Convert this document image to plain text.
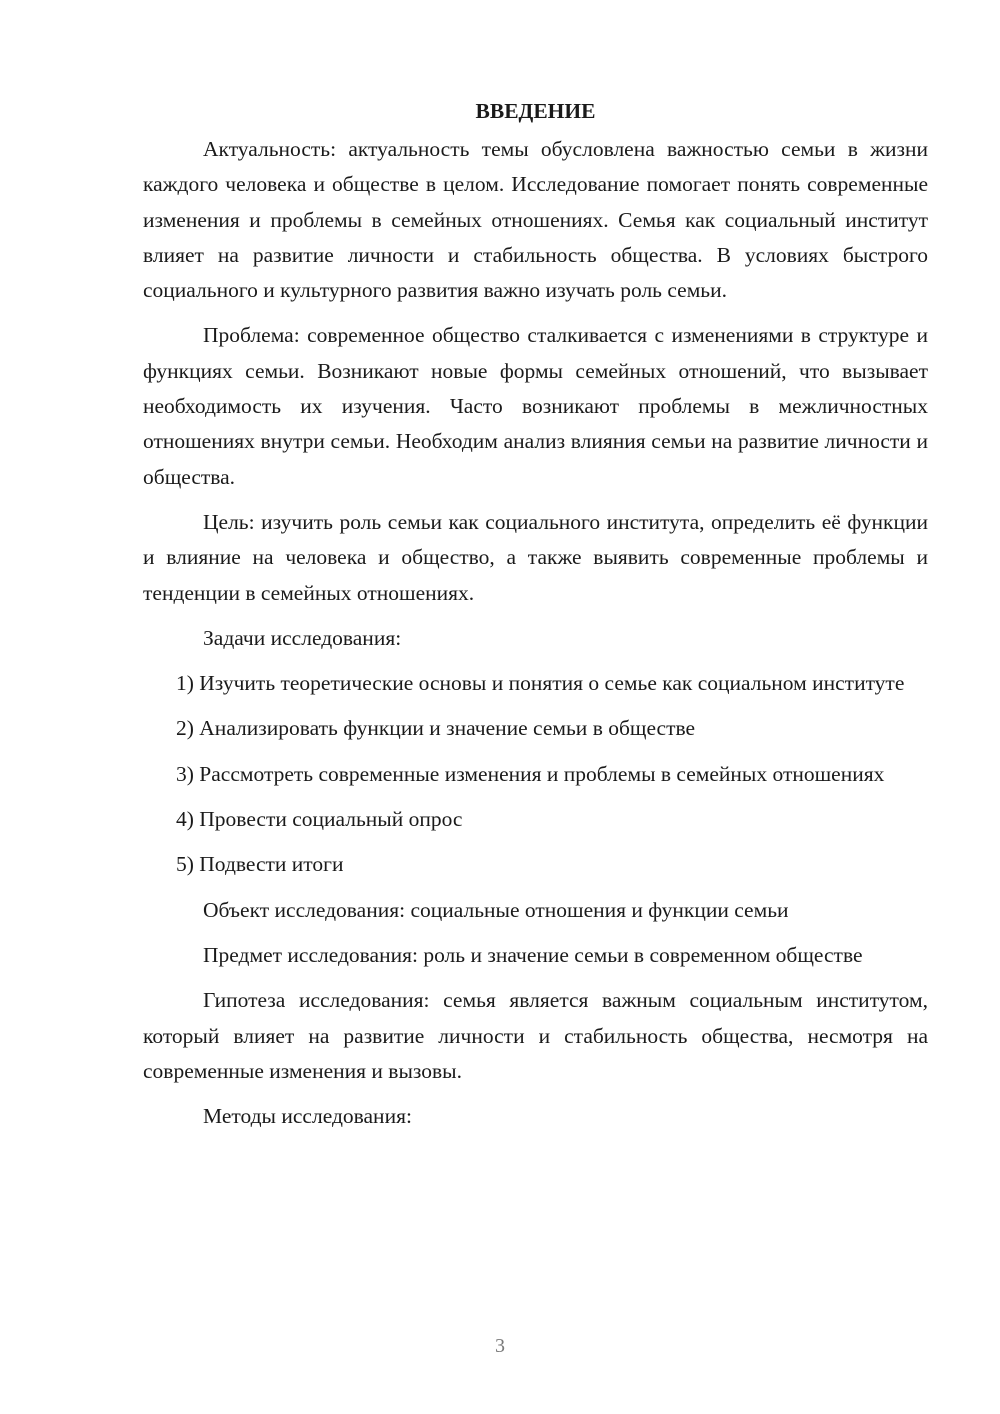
ВВЕДЕНИЕ

Актуальность: актуальность темы обусловлена важностью семьи в жизни каждого человека и обществе в целом. Исследование помогает понять современные изменения и проблемы в семейных отношениях. Семья как социальный институт влияет на развитие личности и стабильность общества. В условиях быстрого социального и культурного развития важно изучать роль семьи.

Проблема: современное общество сталкивается с изменениями в структуре и функциях семьи. Возникают новые формы семейных отношений, что вызывает необходимость их изучения. Часто возникают проблемы в межличностных отношениях внутри семьи. Необходим анализ влияния семьи на развитие личности и общества.

Цель: изучить роль семьи как социального института, определить её функции и влияние на человека и общество, а также выявить современные проблемы и тенденции в семейных отношениях.

Задачи исследования:

1) Изучить теоретические основы и понятия о семье как социальном институте

2) Анализировать функции и значение семьи в обществе

3) Рассмотреть современные изменения и проблемы в семейных отношениях

4) Провести социальный опрос

5) Подвести итоги

Объект исследования: социальные отношения и функции семьи

Предмет исследования: роль и значение семьи в современном обществе

Гипотеза исследования: семья является важным социальным институтом, который влияет на развитие личности и стабильность общества, несмотря на современные изменения и вызовы.

Методы исследования:

3
